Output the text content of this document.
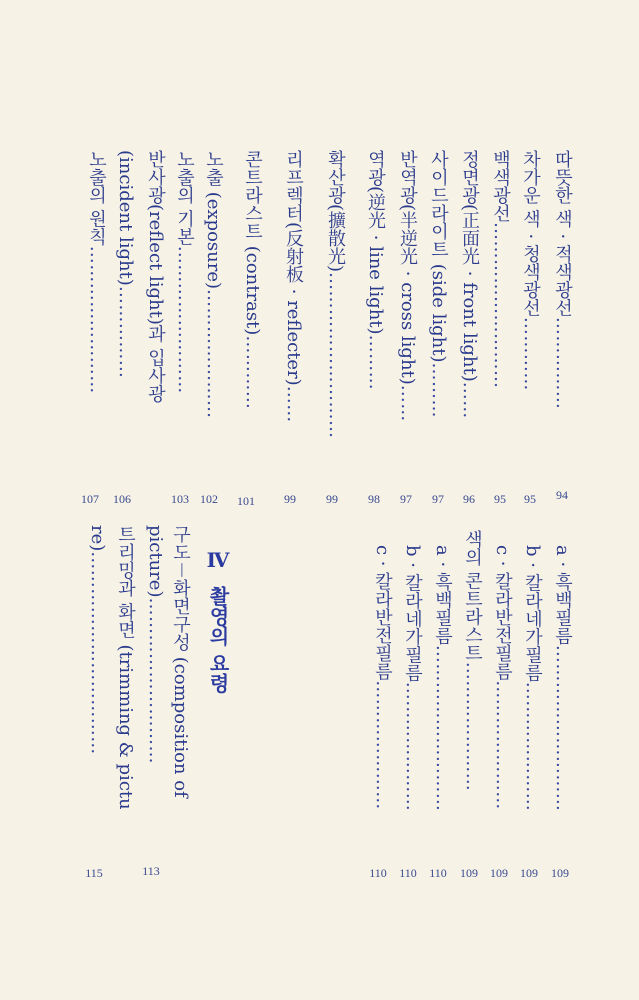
따뜻한 색 · 적색광선……………
94
차가운 색 · 청색광선…………
95
백색광선………………………
95
정면광(正面光 · front light)……
96
사이드라이트 (side light)………
97
반역광(半逆光 · cross light)……
97
역광(逆光 · line light)………
98
확산광(擴散光)………………………
99
리프렉터(反射板 · reflecter)……
99
콘트라스트 (contrast)…………
101
노출 (exposure)…………………
102
노출의 기본……………………
103
반사광(reflect light)과 입사광
(incident light)……………
106
노출의 원칙……………………
107
a · 흑백필름………………………
109
b · 칼라네가필름…………………
109
c · 칼라반전필름…………………
109
색의 콘트라스트…………………
109
a · 흑백필름………………………
110
b · 칼라네가필름…………………
110
c · 칼라반전필름…………………
110
Ⅳ  촬영의 요령
구도－화면구성 (composition of
picture)………………………
113
트리밍과 화면 (trimming & pictu
re)……………………………
115
